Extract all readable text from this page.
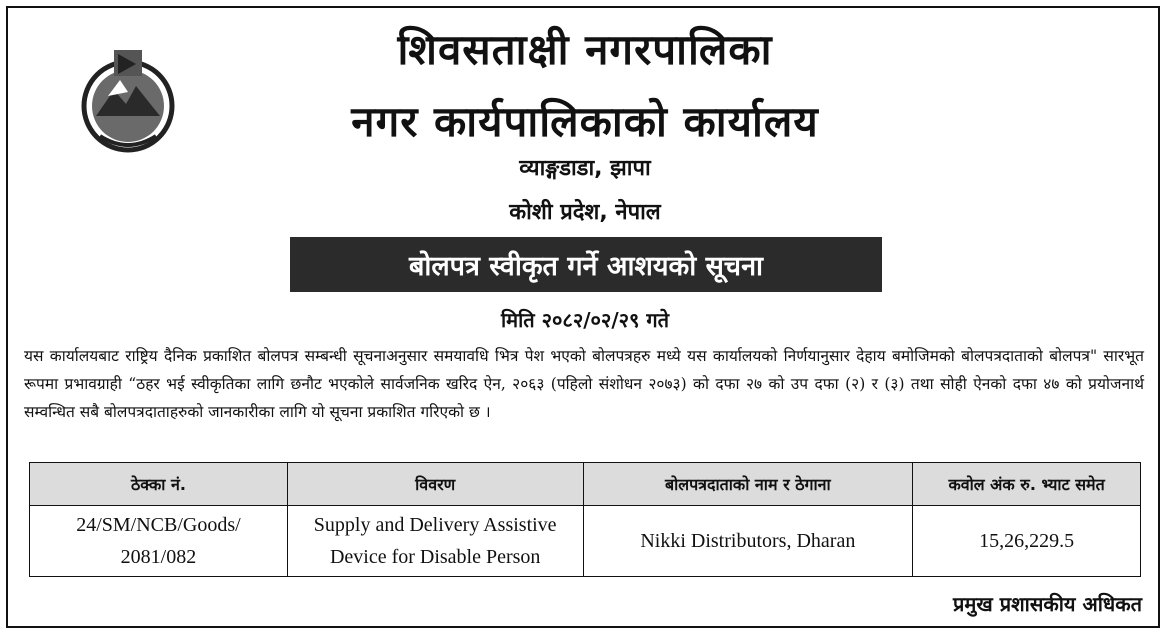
शिवसताक्षी नगरपालिका
नगर कार्यपालिकाको कार्यालय
व्याङ्गडाडा, झापा
कोशी प्रदेश, नेपाल
बोलपत्र स्वीकृत गर्ने आशयको सूचना
मिति २०८२/०२/२९ गते
यस कार्यालयबाट राष्ट्रिय दैनिक प्रकाशित बोलपत्र सम्बन्धी सूचनाअनुसार समयावधि भित्र पेश भएको बोलपत्रहरु मध्ये यस कार्यालयको निर्णयानुसार देहाय बमोजिमको बोलपत्रदाताको बोलपत्र" सारभूत रूपमा प्रभावग्राही “ठहर भई स्वीकृतिका लागि छनौट भएकोले सार्वजनिक खरिद ऐन, २०६३ (पहिलो संशोधन २०७३) को दफा २७ को उप दफा (२) र (३) तथा सोही ऐनको दफा ४७ को प्रयोजनार्थ सम्वन्धित सबै बोलपत्रदाताहरुको जानकारीका लागि यो सूचना प्रकाशित गरिएको छ ।
ठेक्का नं.	विवरण	बोलपत्रदाताको नाम र ठेगाना	कवोल अंक रु. भ्याट समेत
24/SM/NCB/Goods/ 2081/082	Supply and Delivery Assistive Device for Disable Person	Nikki Distributors, Dharan	15,26,229.5
प्रमुख प्रशासकीय अधिकत
